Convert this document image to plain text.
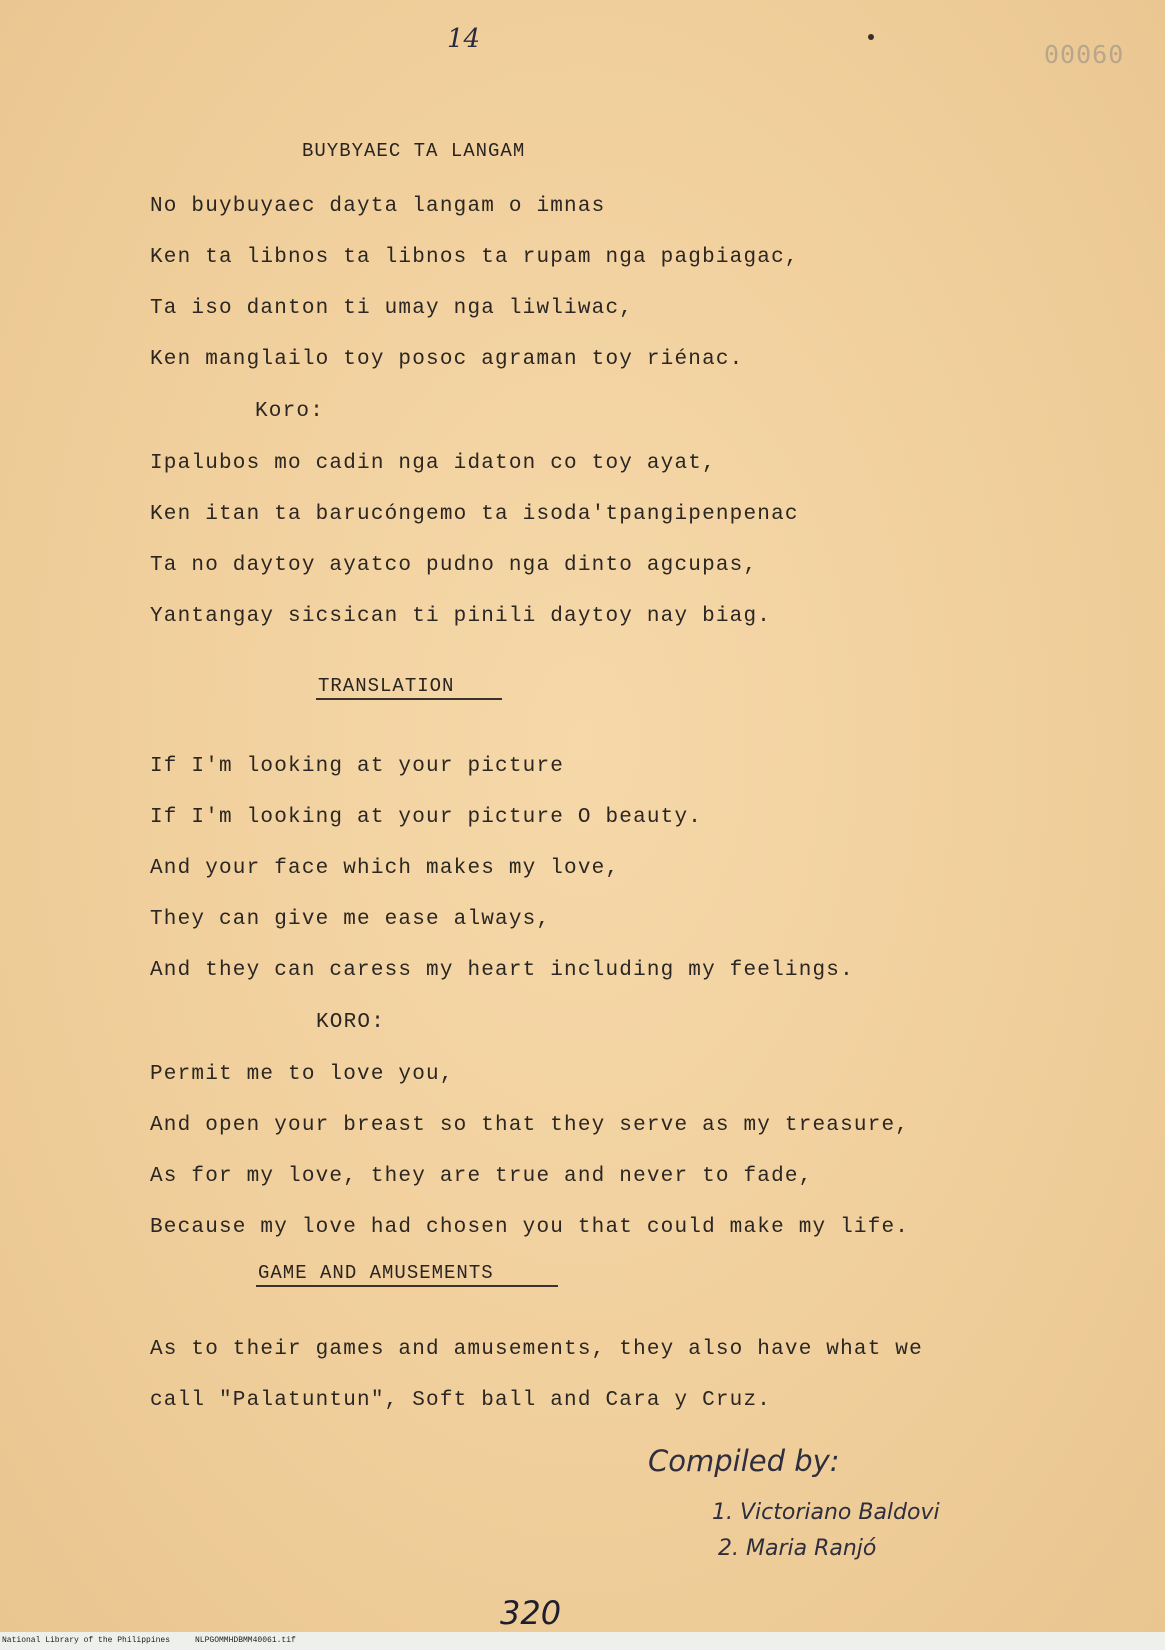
14
00060
BUYBYAEC TA LANGAM
No buybuyaec dayta langam o imnas
Ken ta libnos ta libnos ta rupam nga pagbiagac,
Ta iso danton ti umay nga liwliwac,
Ken manglailo toy posoc agraman toy riénac.
Koro:
Ipalubos mo cadin nga idaton co toy ayat,
Ken itan ta barucóngemo ta isoda'tpangipenpenac
Ta no daytoy ayatco pudno nga dinto agcupas,
Yantangay sicsican ti pinili daytoy nay biag.
TRANSLATION
If I'm looking at your picture
If I'm looking at your picture O beauty.
And your face which makes my love,
They can give me ease always,
And they can caress my heart including my feelings.
KORO:
Permit me to love you,
And open your breast so that they serve as my treasure,
As for my love, they are true and never to fade,
Because my love had chosen you that could make my life.
GAME AND AMUSEMENTS
As to their games and amusements, they also have what we
call "Palatuntun", Soft ball and Cara y Cruz.
Compiled by:
1. Victoriano Baldovi
2. Maria Ranjó
320
National Library of the Philippines	NLPGOMMHDBMM40061.tif
